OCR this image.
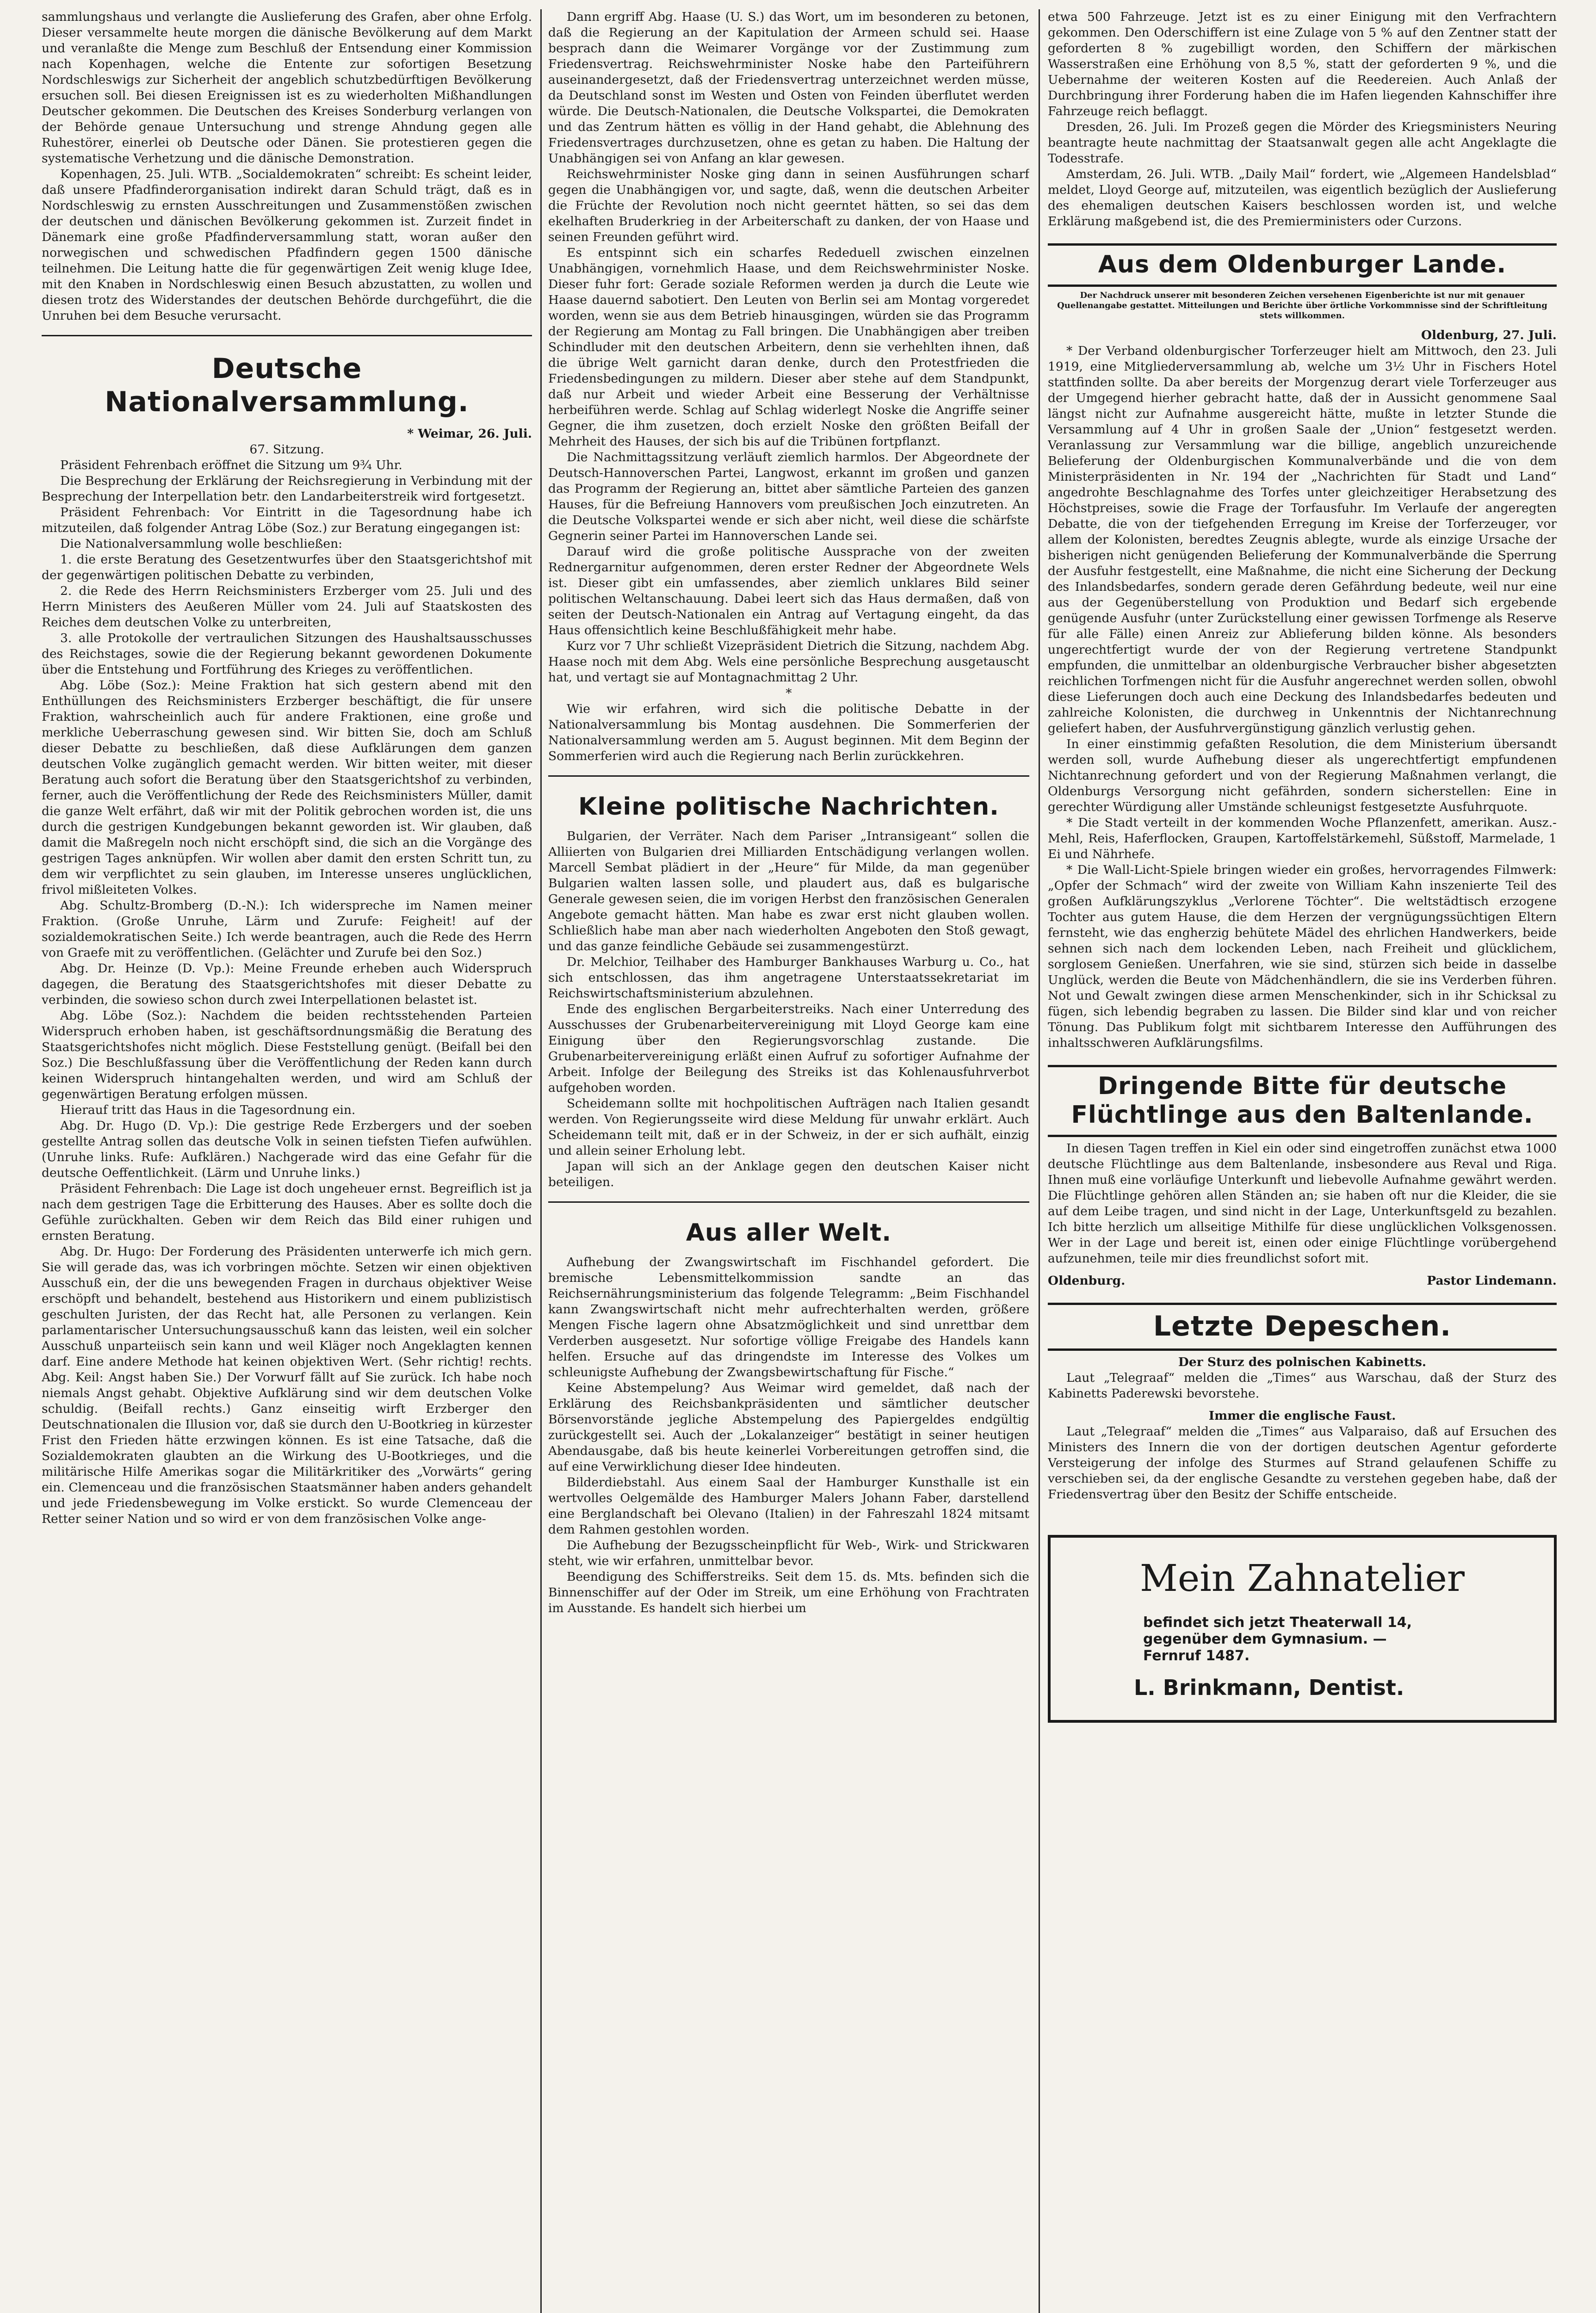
sammlungshaus und verlangte die Auslieferung des Grafen, aber ohne Erfolg. Dieser versammelte heute morgen die dänische Bevölkerung auf dem Markt und veranlaßte die Menge zum Beschluß der Entsendung einer Kommission nach Kopenhagen, welche die Entente zur sofortigen Besetzung Nordschleswigs zur Sicherheit der angeblich schutzbedürftigen Bevölkerung ersuchen soll. Bei diesen Ereignissen ist es zu wiederholten Mißhandlungen Deutscher gekommen. Die Deutschen des Kreises Sonderburg verlangen von der Behörde genaue Untersuchung und strenge Ahndung gegen alle Ruhestörer, einerlei ob Deutsche oder Dänen. Sie protestieren gegen die systematische Verhetzung und die dänische Demonstration.

Kopenhagen, 25. Juli. WTB. „Socialdemokraten“ schreibt: Es scheint leider, daß unsere Pfadfinderorganisation indirekt daran Schuld trägt, daß es in Nordschleswig zu ernsten Ausschreitungen und Zusammenstößen zwischen der deutschen und dänischen Bevölkerung gekommen ist. Zurzeit findet in Dänemark eine große Pfadfinderversammlung statt, woran außer den norwegischen und schwedischen Pfadfindern gegen 1500 dänische teilnehmen. Die Leitung hatte die für gegenwärtigen Zeit wenig kluge Idee, mit den Knaben in Nordschleswig einen Besuch abzustatten, zu wollen und diesen trotz des Widerstandes der deutschen Behörde durchgeführt, die die Unruhen bei dem Besuche verursacht.

Deutsche Nationalversammlung.
* Weimar, 26. Juli.

67. Sitzung.

Präsident Fehrenbach eröffnet die Sitzung um 9¾ Uhr.

Die Besprechung der Erklärung der Reichsregierung in Verbindung mit der Besprechung der Interpellation betr. den Landarbeiterstreik wird fortgesetzt.

Präsident Fehrenbach: Vor Eintritt in die Tagesordnung habe ich mitzuteilen, daß folgender Antrag Löbe (Soz.) zur Beratung eingegangen ist:

Die Nationalversammlung wolle beschließen:

1. die erste Beratung des Gesetzentwurfes über den Staatsgerichtshof mit der gegenwärtigen politischen Debatte zu verbinden,

2. die Rede des Herrn Reichsministers Erzberger vom 25. Juli und des Herrn Ministers des Aeußeren Müller vom 24. Juli auf Staatskosten des Reiches dem deutschen Volke zu unterbreiten,

3. alle Protokolle der vertraulichen Sitzungen des Haushaltsausschusses des Reichstages, sowie die der Regierung bekannt gewordenen Dokumente über die Entstehung und Fortführung des Krieges zu veröffentlichen.

Abg. Löbe (Soz.): Meine Fraktion hat sich gestern abend mit den Enthüllungen des Reichsministers Erzberger beschäftigt, die für unsere Fraktion, wahrscheinlich auch für andere Fraktionen, eine große und merkliche Ueberraschung gewesen sind. Wir bitten Sie, doch am Schluß dieser Debatte zu beschließen, daß diese Aufklärungen dem ganzen deutschen Volke zugänglich gemacht werden. Wir bitten weiter, mit dieser Beratung auch sofort die Beratung über den Staatsgerichtshof zu verbinden, ferner, auch die Veröffentlichung der Rede des Reichsministers Müller, damit die ganze Welt erfährt, daß wir mit der Politik gebrochen worden ist, die uns durch die gestrigen Kundgebungen bekannt geworden ist. Wir glauben, daß damit die Maßregeln noch nicht erschöpft sind, die sich an die Vorgänge des gestrigen Tages anknüpfen. Wir wollen aber damit den ersten Schritt tun, zu dem wir verpflichtet zu sein glauben, im Interesse unseres unglücklichen, frivol mißleiteten Volkes.

Abg. Schultz-Bromberg (D.-N.): Ich widerspreche im Namen meiner Fraktion. (Große Unruhe, Lärm und Zurufe: Feigheit! auf der sozialdemokratischen Seite.) Ich werde beantragen, auch die Rede des Herrn von Graefe mit zu veröffentlichen. (Gelächter und Zurufe bei den Soz.)

Abg. Dr. Heinze (D. Vp.): Meine Freunde erheben auch Widerspruch dagegen, die Beratung des Staatsgerichtshofes mit dieser Debatte zu verbinden, die sowieso schon durch zwei Interpellationen belastet ist.

Abg. Löbe (Soz.): Nachdem die beiden rechtsstehenden Parteien Widerspruch erhoben haben, ist geschäftsordnungsmäßig die Beratung des Staatsgerichtshofes nicht möglich. Diese Feststellung genügt. (Beifall bei den Soz.) Die Beschlußfassung über die Veröffentlichung der Reden kann durch keinen Widerspruch hintangehalten werden, und wird am Schluß der gegenwärtigen Beratung erfolgen müssen.

Hierauf tritt das Haus in die Tagesordnung ein.

Abg. Dr. Hugo (D. Vp.): Die gestrige Rede Erzbergers und der soeben gestellte Antrag sollen das deutsche Volk in seinen tiefsten Tiefen aufwühlen. (Unruhe links. Rufe: Aufklären.) Nachgerade wird das eine Gefahr für die deutsche Oeffentlichkeit. (Lärm und Unruhe links.)

Präsident Fehrenbach: Die Lage ist doch ungeheuer ernst. Begreiflich ist ja nach dem gestrigen Tage die Erbitterung des Hauses. Aber es sollte doch die Gefühle zurückhalten. Geben wir dem Reich das Bild einer ruhigen und ernsten Beratung.

Abg. Dr. Hugo: Der Forderung des Präsidenten unterwerfe ich mich gern. Sie will gerade das, was ich vorbringen möchte. Setzen wir einen objektiven Ausschuß ein, der die uns bewegenden Fragen in durchaus objektiver Weise erschöpft und behandelt, bestehend aus Historikern und einem publizistisch geschulten Juristen, der das Recht hat, alle Personen zu verlangen. Kein parlamentarischer Untersuchungsausschuß kann das leisten, weil ein solcher Ausschuß unparteiisch sein kann und weil Kläger noch Angeklagten kennen darf. Eine andere Methode hat keinen objektiven Wert. (Sehr richtig! rechts. Abg. Keil: Angst haben Sie.) Der Vorwurf fällt auf Sie zurück. Ich habe noch niemals Angst gehabt. Objektive Aufklärung sind wir dem deutschen Volke schuldig. (Beifall rechts.) Ganz einseitig wirft Erzberger den Deutschnationalen die Illusion vor, daß sie durch den U-Bootkrieg in kürzester Frist den Frieden hätte erzwingen können. Es ist eine Tatsache, daß die Sozialdemokraten glaubten an die Wirkung des U-Bootkrieges, und die militärische Hilfe Amerikas sogar die Militärkritiker des „Vorwärts“ gering ein. Clemenceau und die französischen Staatsmänner haben anders gehandelt und jede Friedensbewegung im Volke erstickt. So wurde Clemenceau der Retter seiner Nation und so wird er von dem französischen Volke ange-

Dann ergriff Abg. Haase (U. S.) das Wort, um im besonderen zu betonen, daß die Regierung an der Kapitulation der Armeen schuld sei. Haase besprach dann die Weimarer Vorgänge vor der Zustimmung zum Friedensvertrag. Reichswehrminister Noske habe den Parteiführern auseinandergesetzt, daß der Friedensvertrag unterzeichnet werden müsse, da Deutschland sonst im Westen und Osten von Feinden überflutet werden würde. Die Deutsch-Nationalen, die Deutsche Volkspartei, die Demokraten und das Zentrum hätten es völlig in der Hand gehabt, die Ablehnung des Friedensvertrages durchzusetzen, ohne es getan zu haben. Die Haltung der Unabhängigen sei von Anfang an klar gewesen.

Reichswehrminister Noske ging dann in seinen Ausführungen scharf gegen die Unabhängigen vor, und sagte, daß, wenn die deutschen Arbeiter die Früchte der Revolution noch nicht geerntet hätten, so sei das dem ekelhaften Bruderkrieg in der Arbeiterschaft zu danken, der von Haase und seinen Freunden geführt wird.

Es entspinnt sich ein scharfes Rededuell zwischen einzelnen Unabhängigen, vornehmlich Haase, und dem Reichswehrminister Noske. Dieser fuhr fort: Gerade soziale Reformen werden ja durch die Leute wie Haase dauernd sabotiert. Den Leuten von Berlin sei am Montag vorgeredet worden, wenn sie aus dem Betrieb hinausgingen, würden sie das Programm der Regierung am Montag zu Fall bringen. Die Unabhängigen aber treiben Schindluder mit den deutschen Arbeitern, denn sie verhehlten ihnen, daß die übrige Welt garnicht daran denke, durch den Protestfrieden die Friedensbedingungen zu mildern. Dieser aber stehe auf dem Standpunkt, daß nur Arbeit und wieder Arbeit eine Besserung der Verhältnisse herbeiführen werde. Schlag auf Schlag widerlegt Noske die Angriffe seiner Gegner, die ihm zusetzen, doch erzielt Noske den größten Beifall der Mehrheit des Hauses, der sich bis auf die Tribünen fortpflanzt.

Die Nachmittagssitzung verläuft ziemlich harmlos. Der Abgeordnete der Deutsch-Hannoverschen Partei, Langwost, erkannt im großen und ganzen das Programm der Regierung an, bittet aber sämtliche Parteien des ganzen Hauses, für die Befreiung Hannovers vom preußischen Joch einzutreten. An die Deutsche Volkspartei wende er sich aber nicht, weil diese die schärfste Gegnerin seiner Partei im Hannoverschen Lande sei.

Darauf wird die große politische Aussprache von der zweiten Rednergarnitur aufgenommen, deren erster Redner der Abgeordnete Wels ist. Dieser gibt ein umfassendes, aber ziemlich unklares Bild seiner politischen Weltanschauung. Dabei leert sich das Haus dermaßen, daß von seiten der Deutsch-Nationalen ein Antrag auf Vertagung eingeht, da das Haus offensichtlich keine Beschlußfähigkeit mehr habe.

Kurz vor 7 Uhr schließt Vizepräsident Dietrich die Sitzung, nachdem Abg. Haase noch mit dem Abg. Wels eine persönliche Besprechung ausgetauscht hat, und vertagt sie auf Montagnachmittag 2 Uhr.

*

Wie wir erfahren, wird sich die politische Debatte in der Nationalversammlung bis Montag ausdehnen. Die Sommerferien der Nationalversammlung werden am 5. August beginnen. Mit dem Beginn der Sommerferien wird auch die Regierung nach Berlin zurückkehren.

Kleine politische Nachrichten.

Bulgarien, der Verräter. Nach dem Pariser „Intransigeant“ sollen die Alliierten von Bulgarien drei Milliarden Entschädigung verlangen wollen. Marcell Sembat plädiert in der „Heure“ für Milde, da man gegenüber Bulgarien walten lassen solle, und plaudert aus, daß es bulgarische Generale gewesen seien, die im vorigen Herbst den französischen Generalen Angebote gemacht hätten. Man habe es zwar erst nicht glauben wollen. Schließlich habe man aber nach wiederholten Angeboten den Stoß gewagt, und das ganze feindliche Gebäude sei zusammengestürzt.

Dr. Melchior, Teilhaber des Hamburger Bankhauses Warburg u. Co., hat sich entschlossen, das ihm angetragene Unterstaatssekretariat im Reichswirtschaftsministerium abzulehnen.

Ende des englischen Bergarbeiterstreiks. Nach einer Unterredung des Ausschusses der Grubenarbeitervereinigung mit Lloyd George kam eine Einigung über den Regierungsvorschlag zustande. Die Grubenarbeitervereinigung erläßt einen Aufruf zu sofortiger Aufnahme der Arbeit. Infolge der Beilegung des Streiks ist das Kohlenausfuhrverbot aufgehoben worden.

Scheidemann sollte mit hochpolitischen Aufträgen nach Italien gesandt werden. Von Regierungsseite wird diese Meldung für unwahr erklärt. Auch Scheidemann teilt mit, daß er in der Schweiz, in der er sich aufhält, einzig und allein seiner Erholung lebt.

Japan will sich an der Anklage gegen den deutschen Kaiser nicht beteiligen.

Aus aller Welt.

Aufhebung der Zwangswirtschaft im Fischhandel gefordert. Die bremische Lebensmittelkommission sandte an das Reichsernährungsministerium das folgende Telegramm: „Beim Fischhandel kann Zwangswirtschaft nicht mehr aufrechterhalten werden, größere Mengen Fische lagern ohne Absatzmöglichkeit und sind unrettbar dem Verderben ausgesetzt. Nur sofortige völlige Freigabe des Handels kann helfen. Ersuche auf das dringendste im Interesse des Volkes um schleunigste Aufhebung der Zwangsbewirtschaftung für Fische.“

Keine Abstempelung? Aus Weimar wird gemeldet, daß nach der Erklärung des Reichsbankpräsidenten und sämtlicher deutscher Börsenvorstände jegliche Abstempelung des Papiergeldes endgültig zurückgestellt sei. Auch der „Lokalanzeiger“ bestätigt in seiner heutigen Abendausgabe, daß bis heute keinerlei Vorbereitungen getroffen sind, die auf eine Verwirklichung dieser Idee hindeuten.

Bilderdiebstahl. Aus einem Saal der Hamburger Kunsthalle ist ein wertvolles Oelgemälde des Hamburger Malers Johann Faber, darstellend eine Berglandschaft bei Olevano (Italien) in der Fahreszahl 1824 mitsamt dem Rahmen gestohlen worden.

Die Aufhebung der Bezugsscheinpflicht für Web-, Wirk- und Strickwaren steht, wie wir erfahren, unmittelbar bevor.

Beendigung des Schifferstreiks. Seit dem 15. ds. Mts. befinden sich die Binnenschiffer auf der Oder im Streik, um eine Erhöhung von Frachtraten im Ausstande. Es handelt sich hierbei um

etwa 500 Fahrzeuge. Jetzt ist es zu einer Einigung mit den Verfrachtern gekommen. Den Oderschiffern ist eine Zulage von 5 % auf den Zentner statt der geforderten 8 % zugebilligt worden, den Schiffern der märkischen Wasserstraßen eine Erhöhung von 8,5 %, statt der geforderten 9 %, und die Uebernahme der weiteren Kosten auf die Reedereien. Auch Anlaß der Durchbringung ihrer Forderung haben die im Hafen liegenden Kahnschiffer ihre Fahrzeuge reich beflaggt.

Dresden, 26. Juli. Im Prozeß gegen die Mörder des Kriegsministers Neuring beantragte heute nachmittag der Staatsanwalt gegen alle acht Angeklagte die Todesstrafe.

Amsterdam, 26. Juli. WTB. „Daily Mail“ fordert, wie „Algemeen Handelsblad“ meldet, Lloyd George auf, mitzuteilen, was eigentlich bezüglich der Auslieferung des ehemaligen deutschen Kaisers beschlossen worden ist, und welche Erklärung maßgebend ist, die des Premierministers oder Curzons.

Aus dem Oldenburger Lande.
Der Nachdruck unserer mit besonderen Zeichen versehenen Eigenberichte ist nur mit genauer Quellenangabe gestattet. Mitteilungen und Berichte über örtliche Vorkommnisse sind der Schriftleitung stets willkommen.
Oldenburg, 27. Juli.

* Der Verband oldenburgischer Torferzeuger hielt am Mittwoch, den 23. Juli 1919, eine Mitgliederversammlung ab, welche um 3½ Uhr in Fischers Hotel stattfinden sollte. Da aber bereits der Morgenzug derart viele Torferzeuger aus der Umgegend hierher gebracht hatte, daß der in Aussicht genommene Saal längst nicht zur Aufnahme ausgereicht hätte, mußte in letzter Stunde die Versammlung auf 4 Uhr in großen Saale der „Union“ festgesetzt werden. Veranlassung zur Versammlung war die billige, angeblich unzureichende Belieferung der Oldenburgischen Kommunalverbände und die von dem Ministerpräsidenten in Nr. 194 der „Nachrichten für Stadt und Land“ angedrohte Beschlagnahme des Torfes unter gleichzeitiger Herabsetzung des Höchstpreises, sowie die Frage der Torfausfuhr. Im Verlaufe der angeregten Debatte, die von der tiefgehenden Erregung im Kreise der Torferzeuger, vor allem der Kolonisten, beredtes Zeugnis ablegte, wurde als einzige Ursache der bisherigen nicht genügenden Belieferung der Kommunalverbände die Sperrung der Ausfuhr festgestellt, eine Maßnahme, die nicht eine Sicherung der Deckung des Inlandsbedarfes, sondern gerade deren Gefährdung bedeute, weil nur eine aus der Gegenüberstellung von Produktion und Bedarf sich ergebende genügende Ausfuhr (unter Zurückstellung einer gewissen Torfmenge als Reserve für alle Fälle) einen Anreiz zur Ablieferung bilden könne. Als besonders ungerechtfertigt wurde der von der Regierung vertretene Standpunkt empfunden, die unmittelbar an oldenburgische Verbraucher bisher abgesetzten reichlichen Torfmengen nicht für die Ausfuhr angerechnet werden sollen, obwohl diese Lieferungen doch auch eine Deckung des Inlandsbedarfes bedeuten und zahlreiche Kolonisten, die durchweg in Unkenntnis der Nichtanrechnung geliefert haben, der Ausfuhrvergünstigung gänzlich verlustig gehen.

In einer einstimmig gefaßten Resolution, die dem Ministerium übersandt werden soll, wurde Aufhebung dieser als ungerechtfertigt empfundenen Nichtanrechnung gefordert und von der Regierung Maßnahmen verlangt, die Oldenburgs Versorgung nicht gefährden, sondern sicherstellen: Eine in gerechter Würdigung aller Umstände schleunigst festgesetzte Ausfuhrquote.

* Die Stadt verteilt in der kommenden Woche Pflanzenfett, amerikan. Ausz.-Mehl, Reis, Haferflocken, Graupen, Kartoffelstärkemehl, Süßstoff, Marmelade, 1 Ei und Nährhefe.

* Die Wall-Licht-Spiele bringen wieder ein großes, hervorragendes Filmwerk: „Opfer der Schmach“ wird der zweite von William Kahn inszenierte Teil des großen Aufklärungszyklus „Verlorene Töchter“. Die weltstädtisch erzogene Tochter aus gutem Hause, die dem Herzen der vergnügungssüchtigen Eltern fernsteht, wie das engherzig behütete Mädel des ehrlichen Handwerkers, beide sehnen sich nach dem lockenden Leben, nach Freiheit und glücklichem, sorglosem Genießen. Unerfahren, wie sie sind, stürzen sich beide in dasselbe Unglück, werden die Beute von Mädchenhändlern, die sie ins Verderben führen. Not und Gewalt zwingen diese armen Menschenkinder, sich in ihr Schicksal zu fügen, sich lebendig begraben zu lassen. Die Bilder sind klar und von reicher Tönung. Das Publikum folgt mit sichtbarem Interesse den Aufführungen des inhaltsschweren Aufklärungsfilms.

Dringende Bitte für deutsche Flüchtlinge aus den Baltenlande.

In diesen Tagen treffen in Kiel ein oder sind eingetroffen zunächst etwa 1000 deutsche Flüchtlinge aus dem Baltenlande, insbesondere aus Reval und Riga. Ihnen muß eine vorläufige Unterkunft und liebevolle Aufnahme gewährt werden. Die Flüchtlinge gehören allen Ständen an; sie haben oft nur die Kleider, die sie auf dem Leibe tragen, und sind nicht in der Lage, Unterkunftsgeld zu bezahlen. Ich bitte herzlich um allseitige Mithilfe für diese unglücklichen Volksgenossen. Wer in der Lage und bereit ist, einen oder einige Flüchtlinge vorübergehend aufzunehmen, teile mir dies freundlichst sofort mit.

Oldenburg.	Pastor Lindemann.
Letzte Depeschen.

Der Sturz des polnischen Kabinetts.

Laut „Telegraaf“ melden die „Times“ aus Warschau, daß der Sturz des Kabinetts Paderewski bevorstehe.

Immer die englische Faust.

Laut „Telegraaf“ melden die „Times“ aus Valparaiso, daß auf Ersuchen des Ministers des Innern die von der dortigen deutschen Agentur geforderte Versteigerung der infolge des Sturmes auf Strand gelaufenen Schiffe zu verschieben sei, da der englische Gesandte zu verstehen gegeben habe, daß der Friedensvertrag über den Besitz der Schiffe entscheide.

Mein Zahnatelier
befindet sich jetzt Theaterwall 14,
gegenüber dem Gymnasium. —
Fernruf 1487.
L. Brinkmann, Dentist.
